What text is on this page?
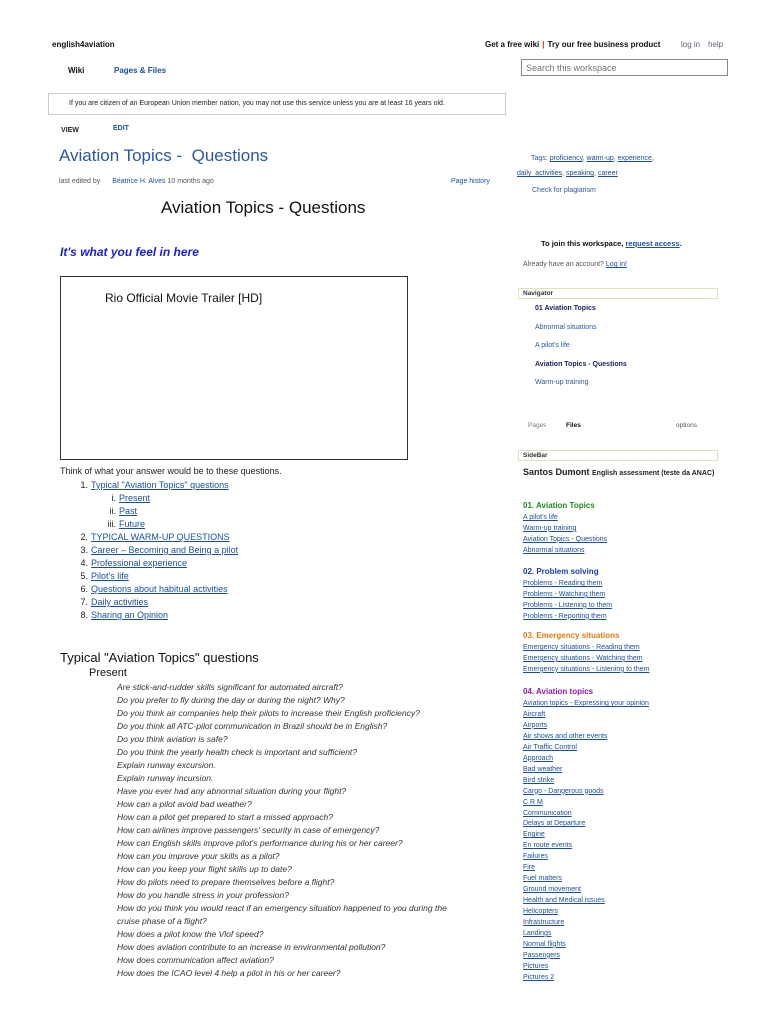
english4aviation	Get a free wiki | Try our free business product	log in help
Wiki	Pages & Files
Search this workspace
If you are citizen of an European Union member nation, you may not use this service unless you are at least 16 years old.
VIEW	EDIT
Aviation Topics -  Questions
last edited by Béatrice H. Alves 10 months ago	Page history
Aviation Topics - Questions
It's what you feel in here
Rio Official Movie Trailer [HD]
Think of what your answer would be to these questions.
1. Typical "Aviation Topics" questions
i. Present
ii. Past
iii. Future
2. TYPICAL WARM-UP QUESTIONS
3. Career – Becoming and Being a pilot
4. Professional experience
5. Pilot's life
6. Questions about habitual activities
7. Daily activities
8. Sharing an Opinion
Typical "Aviation Topics" questions
Present
Are stick-and-rudder skills significant for automated aircraft?
Do you prefer to fly during the day or during the night? Why?
Do you think air companies help their pilots to increase their English proficiency?
Do you think all ATC-pilot communication in Brazil should be in English?
Do you think aviation is safe?
Do you think the yearly health check is important and sufficient?
Explain runway excursion.
Explain runway incursion.
Have you ever had any abnormal situation during your flight?
How can a pilot avoid bad weather?
How can a pilot get prepared to start a missed approach?
How can airlines improve passengers' security in case of emergency?
How can English skills improve pilot's performance during his or her career?
How can you improve your skills as a pilot?
How can you keep your flight skills up to date?
How do pilots need to prepare themselves before a flight?
How do you handle stress in your profession?
How do you think you would react if an emergency situation happened to you during the
cruise phase of a flight?
How does a pilot know the Vlof speed?
How does aviation contribute to an increase in environmental pollution?
How does communication affect aviation?
How does the ICAO level 4 help a pilot in his or her career?
Tags: proficiency, warm-up, experience,
daily_activities, speaking, career
Check for plagiarism
To join this workspace, request access.
Already have an account? Log in!
Navigator
01 Aviation Topics
Abnormal situations
A pilot's life
Aviation Topics - Questions
Warm-up training
Pages	Files	options
SideBar
Santos Dumont English assessment (teste da ANAC)
01. Aviation Topics
A pilot's life
Warm-up training
Aviation Topics - Questions
Abnormal situations
02. Problem solving
Problems - Reading them
Problems - Watching them
Problems - Listening to them
Problems - Reporting them
03. Emergency situations
Emergency situations - Reading them
Emergency situations - Watching them
Emergency situations - Listening to them
04. Aviation topics
Aviation topics - Expressing your opinion
Aircraft
Airports
Air shows and other events
Air Traffic Control
Approach
Bad weather
Bird strike
Cargo - Dangerous goods
C R M
Communication
Delays at Departure
Engine
En route events
Failures
Fire
Fuel matters
Ground movement
Health and Medical issues
Helicopters
Infrastructure
Landings
Normal flights
Passengers
Pictures
Pictures 2
